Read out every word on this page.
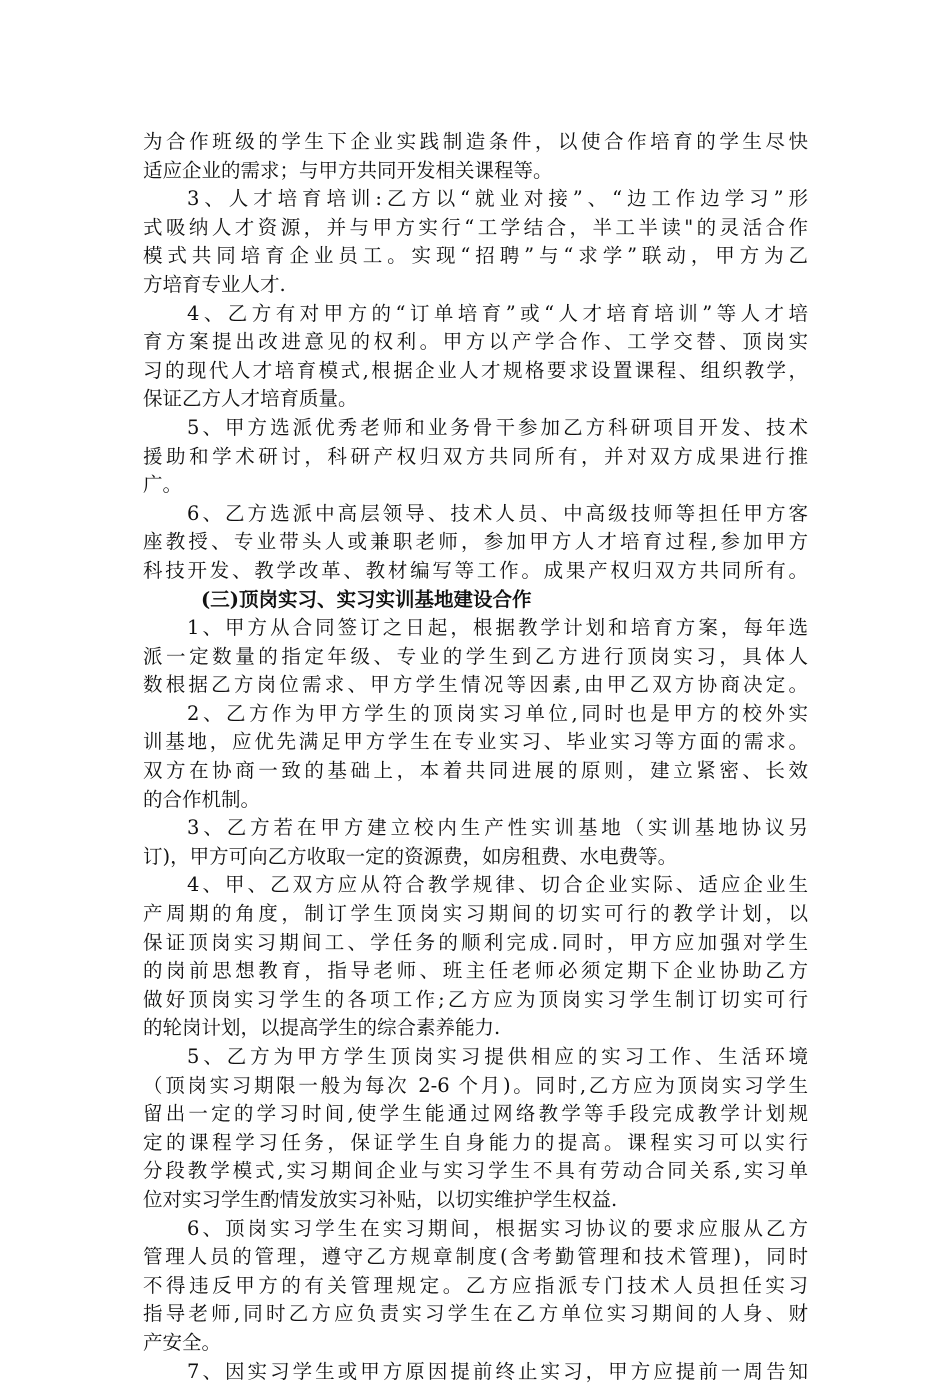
为合作班级的学生下企业实践制造条件，以使合作培育的学生尽快
适应企业的需求；与甲方共同开发相关课程等。
3、人才培育培训:乙方以“就业对接”、“边工作边学习”形
式吸纳人才资源，并与甲方实行“工学结合，半工半读"的灵活合作
模式共同培育企业员工。实现“招聘”与“求学”联动，甲方为乙
方培育专业人才.
4、乙方有对甲方的“订单培育”或“人才培育培训”等人才培
育方案提出改进意见的权利。甲方以产学合作、工学交替、顶岗实
习的现代人才培育模式,根据企业人才规格要求设置课程、组织教学，
保证乙方人才培育质量。
5、甲方选派优秀老师和业务骨干参加乙方科研项目开发、技术
援助和学术研讨，科研产权归双方共同所有，并对双方成果进行推
广。
6、乙方选派中高层领导、技术人员、中高级技师等担任甲方客
座教授、专业带头人或兼职老师，参加甲方人才培育过程,参加甲方
科技开发、教学改革、教材编写等工作。成果产权归双方共同所有。
(三)顶岗实习、实习实训基地建设合作
1、甲方从合同签订之日起，根据教学计划和培育方案，每年选
派一定数量的指定年级、专业的学生到乙方进行顶岗实习，具体人
数根据乙方岗位需求、甲方学生情况等因素,由甲乙双方协商决定。
2、乙方作为甲方学生的顶岗实习单位,同时也是甲方的校外实
训基地，应优先满足甲方学生在专业实习、毕业实习等方面的需求。
双方在协商一致的基础上，本着共同进展的原则，建立紧密、长效
的合作机制。
3、乙方若在甲方建立校内生产性实训基地（实训基地协议另
订)，甲方可向乙方收取一定的资源费，如房租费、水电费等。
4、甲、乙双方应从符合教学规律、切合企业实际、适应企业生
产周期的角度，制订学生顶岗实习期间的切实可行的教学计划，以
保证顶岗实习期间工、学任务的顺利完成.同时，甲方应加强对学生
的岗前思想教育，指导老师、班主任老师必须定期下企业协助乙方
做好顶岗实习学生的各项工作;乙方应为顶岗实习学生制订切实可行
的轮岗计划，以提高学生的综合素养能力.
5、乙方为甲方学生顶岗实习提供相应的实习工作、生活环境
（顶岗实习期限一般为每次 2-6 个月)。同时,乙方应为顶岗实习学生
留出一定的学习时间,使学生能通过网络教学等手段完成教学计划规
定的课程学习任务，保证学生自身能力的提高。课程实习可以实行
分段教学模式,实习期间企业与实习学生不具有劳动合同关系,实习单
位对实习学生酌情发放实习补贴，以切实维护学生权益.
6、顶岗实习学生在实习期间，根据实习协议的要求应服从乙方
管理人员的管理，遵守乙方规章制度(含考勤管理和技术管理)，同时
不得违反甲方的有关管理规定。乙方应指派专门技术人员担任实习
指导老师,同时乙方应负责实习学生在乙方单位实习期间的人身、财
产安全。
7、因实习学生或甲方原因提前终止实习，甲方应提前一周告知
